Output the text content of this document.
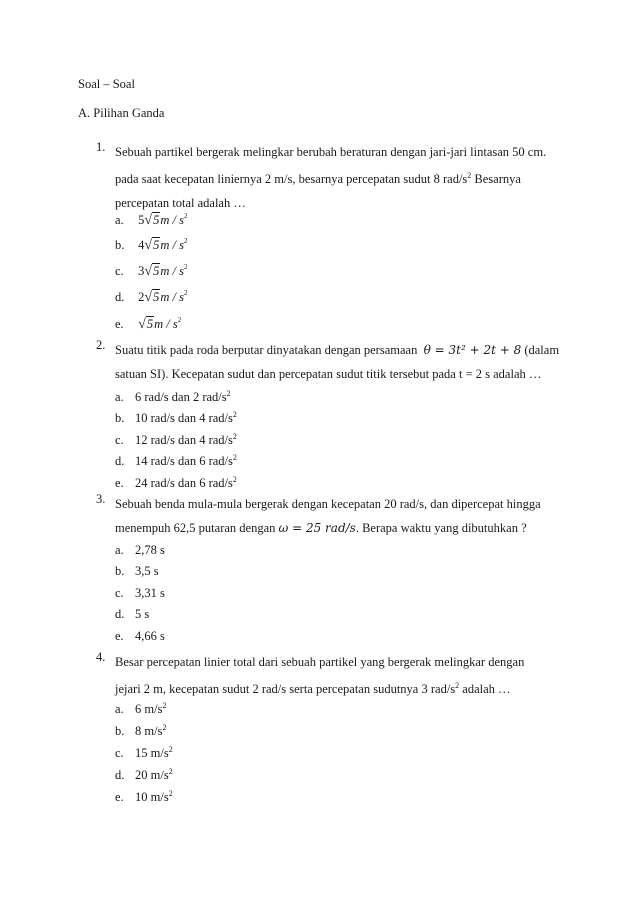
Soal – Soal
A. Pilihan Ganda
1. Sebuah partikel bergerak melingkar berubah beraturan dengan jari-jari lintasan 50 cm.
pada saat kecepatan liniernya 2 m/s, besarnya percepatan sudut 8 rad/$s^2$ Besarnya
percepatan total adalah …
a. $5√5m / s^2$
b. $4√5m / s^2$
c. $3√5m / s^2$
d. $2√5m / s^2$
e. $√5m / s^2$
2. Suatu titik pada roda berputar dinyatakan dengan persamaan θ = 3t² + 2t + 8 (dalam
satuan SI). Kecepatan sudut dan percepatan sudut titik tersebut pada t = 2 s adalah …
a. 6 rad/s dan 2 rad/$s^2$
b. 10 rad/s dan 4 rad/$s^2$
c. 12 rad/s dan 4 rad/$s^2$
d. 14 rad/s dan 6 rad/$s^2$
e. 24 rad/s dan 6 rad/$s^2$
3. Sebuah benda mula-mula bergerak dengan kecepatan 20 rad/s, dan dipercepat hingga
menempuh 62,5 putaran dengan ω = 25 rad/s. Berapa waktu yang dibutuhkan ?
a. 2,78 s
b. 3,5 s
c. 3,31 s
d. 5 s
e. 4,66 s
4. Besar percepatan linier total dari sebuah partikel yang bergerak melingkar dengan
jejari 2 m, kecepatan sudut 2 rad/s serta percepatan sudutnya 3 rad/$s^2$ adalah …
a. 6 $m/s^2$
b. 8 $m/s^2$
c. 15 $m/s^2$
d. 20 $m/s^2$
e. 10 $m/s^2$
